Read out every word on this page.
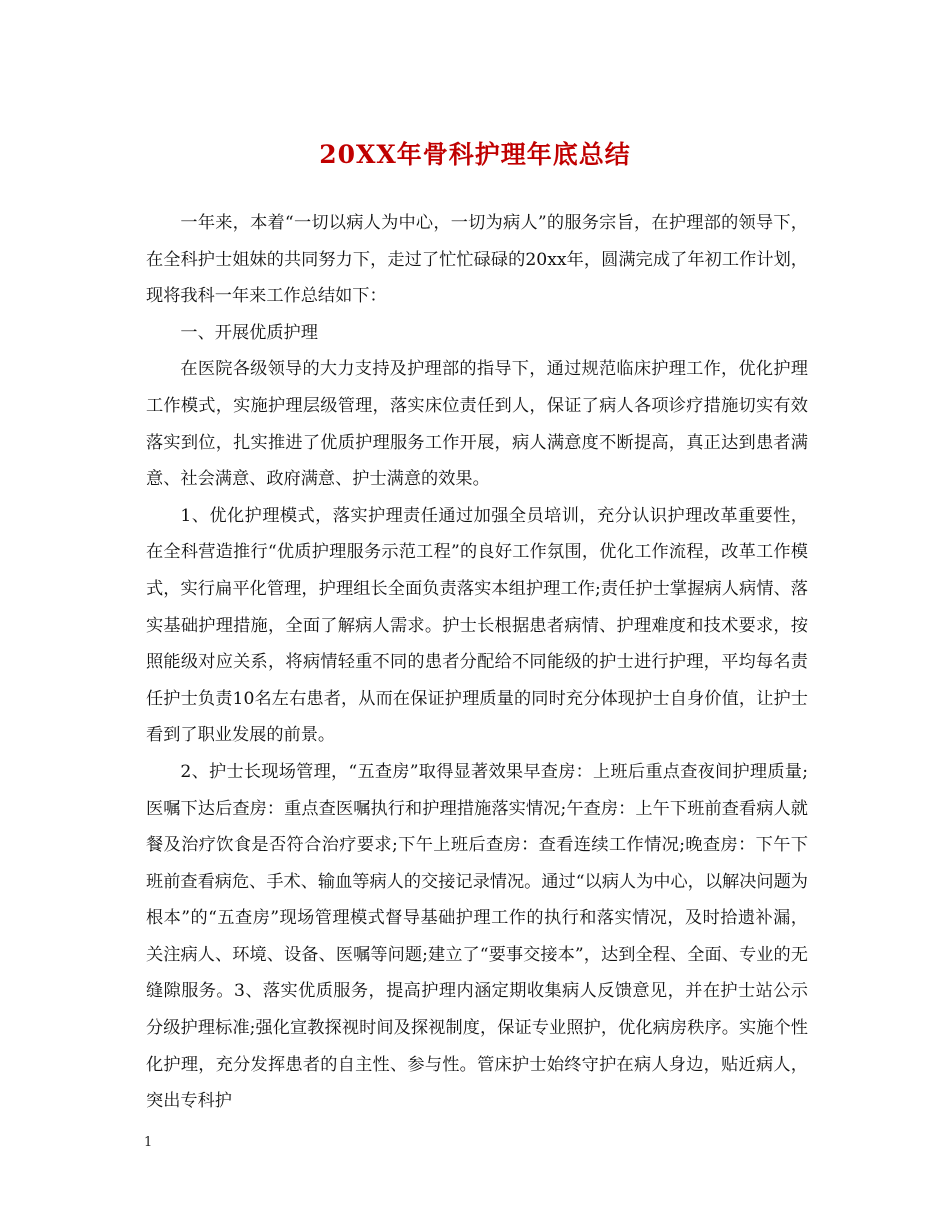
20XX年骨科护理年底总结

一年来，本着“一切以病人为中心，一切为病人”的服务宗旨，在护理部的领导下，在全科护士姐妹的共同努力下，走过了忙忙碌碌的20xx年，圆满完成了年初工作计划，现将我科一年来工作总结如下：

一、开展优质护理

在医院各级领导的大力支持及护理部的指导下，通过规范临床护理工作，优化护理工作模式，实施护理层级管理，落实床位责任到人，保证了病人各项诊疗措施切实有效落实到位，扎实推进了优质护理服务工作开展，病人满意度不断提高，真正达到患者满意、社会满意、政府满意、护士满意的效果。

1、优化护理模式，落实护理责任通过加强全员培训，充分认识护理改革重要性，在全科营造推行“优质护理服务示范工程”的良好工作氛围，优化工作流程，改革工作模式，实行扁平化管理，护理组长全面负责落实本组护理工作;责任护士掌握病人病情、落实基础护理措施，全面了解病人需求。护士长根据患者病情、护理难度和技术要求，按照能级对应关系，将病情轻重不同的患者分配给不同能级的护士进行护理，平均每名责任护士负责10名左右患者，从而在保证护理质量的同时充分体现护士自身价值，让护士看到了职业发展的前景。

2、护士长现场管理，“五查房”取得显著效果早查房：上班后重点查夜间护理质量;医嘱下达后查房：重点查医嘱执行和护理措施落实情况;午查房：上午下班前查看病人就餐及治疗饮食是否符合治疗要求;下午上班后查房：查看连续工作情况;晚查房：下午下班前查看病危、手术、输血等病人的交接记录情况。通过“以病人为中心，以解决问题为根本”的“五查房”现场管理模式督导基础护理工作的执行和落实情况，及时拾遗补漏，关注病人、环境、设备、医嘱等问题;建立了“要事交接本”，达到全程、全面、专业的无缝隙服务。3、落实优质服务，提高护理内涵定期收集病人反馈意见，并在护士站公示分级护理标准;强化宣教探视时间及探视制度，保证专业照护，优化病房秩序。实施个性化护理，充分发挥患者的自主性、参与性。管床护士始终守护在病人身边，贴近病人，突出专科护

1
